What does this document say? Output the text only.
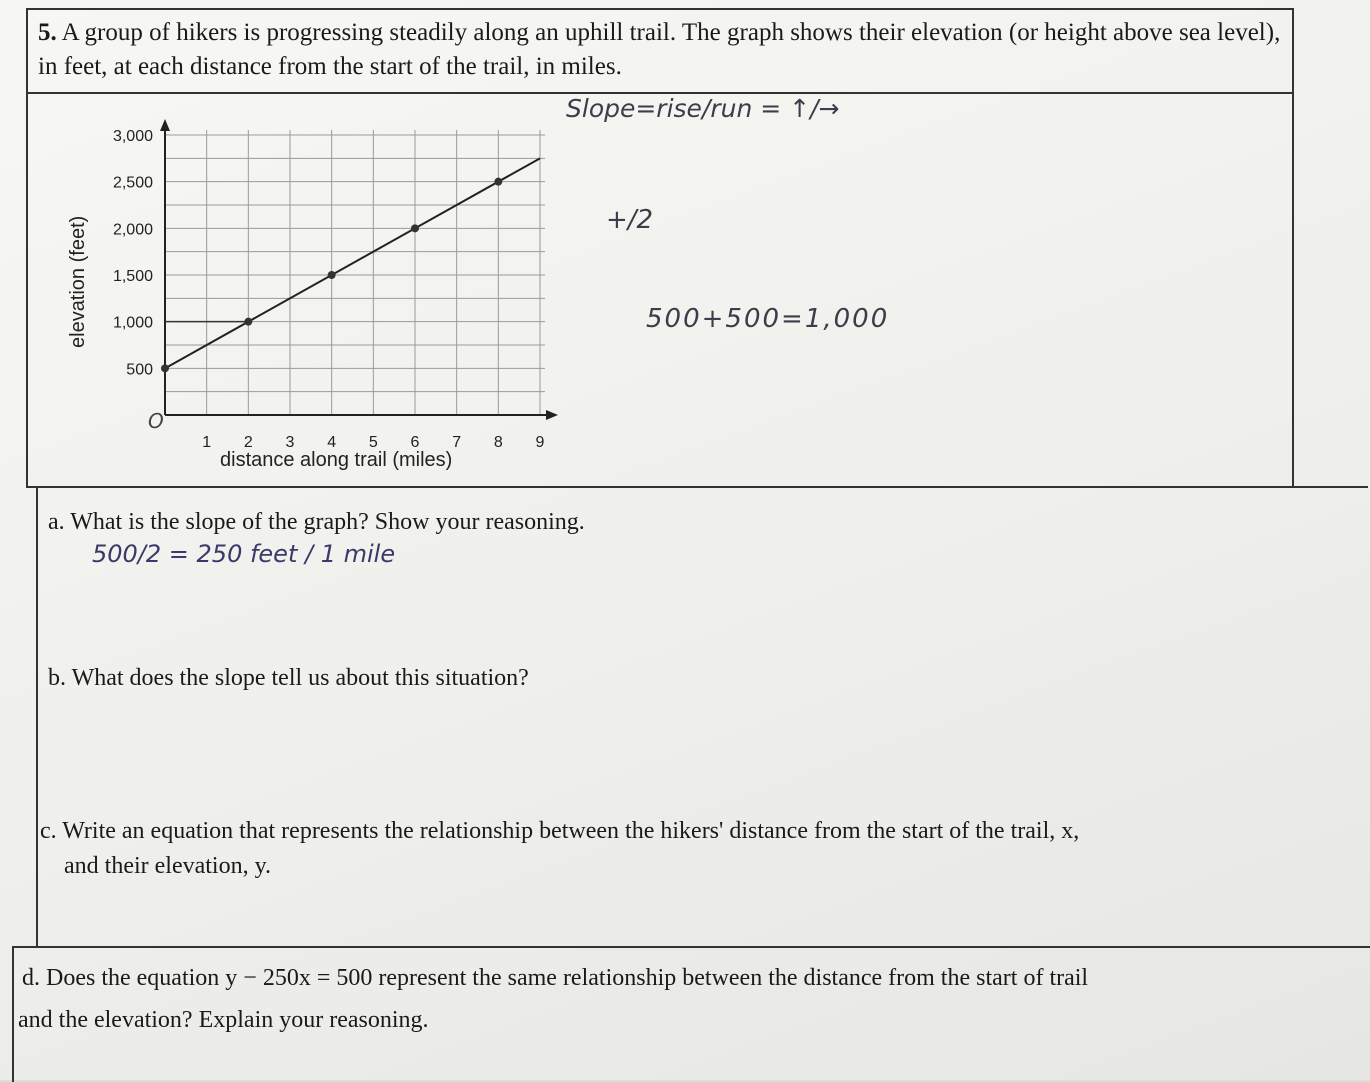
5. A group of hikers is progressing steadily along an uphill trail. The graph shows their elevation (or height above sea level), in feet, at each distance from the start of the trail, in miles.
500
1,000
1,500
2,000
2,500
3,000
1 2 3 4 5 6 7 8 9
distance along trail (miles)
elevation (feet)
O
Slope=rise/run = ↑/→
+/2
500+500=1,000
500/2 = 250 feet / 1 mile
a. What is the slope of the graph? Show your reasoning.
b. What does the slope tell us about this situation?
c. Write an equation that represents the relationship between the hikers' distance from the start of the trail, x,
and their elevation, y.
d. Does the equation y − 250x = 500 represent the same relationship between the distance from the start of trail
and the elevation? Explain your reasoning.
